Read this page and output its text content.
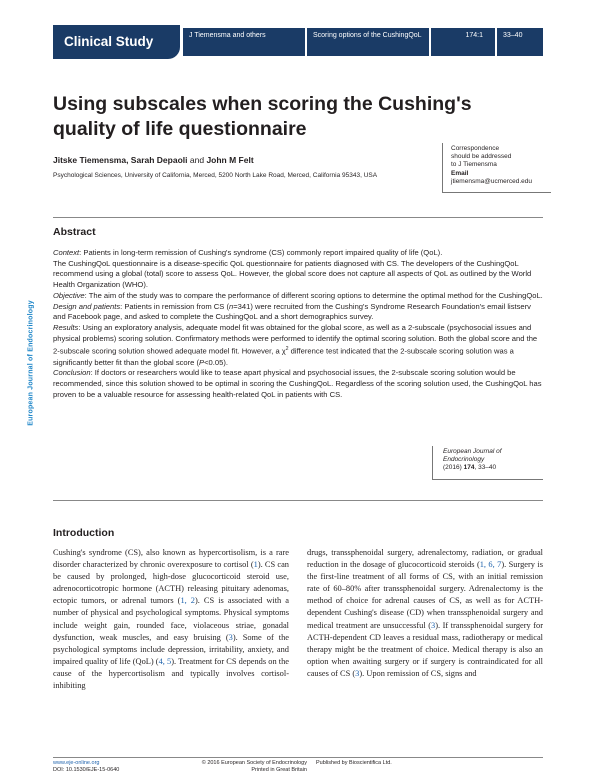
Clinical Study	J Tiemensma and others	Scoring options of the CushingQoL	174:1	33–40
Using subscales when scoring the Cushing's quality of life questionnaire
Jitske Tiemensma, Sarah Depaoli and John M Felt
Psychological Sciences, University of California, Merced, 5200 North Lake Road, Merced, California 95343, USA
Correspondence
should be addressed
to J Tiemensma
Email
jtiemensma@ucmerced.edu
Abstract

Context: Patients in long-term remission of Cushing's syndrome (CS) commonly report impaired quality of life (QoL).

The CushingQoL questionnaire is a disease-specific QoL questionnaire for patients diagnosed with CS. The developers of the CushingQoL recommend using a global (total) score to assess QoL. However, the global score does not capture all aspects of QoL as outlined by the World Health Organization (WHO).

Objective: The aim of the study was to compare the performance of different scoring options to determine the optimal method for the CushingQoL.

Design and patients: Patients in remission from CS (n=341) were recruited from the Cushing's Syndrome Research Foundation's email listserv and Facebook page, and asked to complete the CushingQoL and a short demographics survey.

Results: Using an exploratory analysis, adequate model fit was obtained for the global score, as well as a 2-subscale (psychosocial issues and physical problems) scoring solution. Confirmatory methods were performed to identify the optimal scoring solution. Both the global score and the 2-subscale scoring solution showed adequate model fit. However, a $\chi^2$ difference test indicated that the 2-subscale scoring solution was a significantly better fit than the global score (P<0.05).

Conclusion: If doctors or researchers would like to tease apart physical and psychosocial issues, the 2-subscale scoring solution would be recommended, since this solution showed to be optimal in scoring the CushingQoL. Regardless of the scoring solution used, the CushingQoL has proven to be a valuable resource for assessing health-related QoL in patients with CS.

European Journal of Endocrinology
European Journal of
Endocrinology
(2016) 174, 33–40
Introduction

Cushing's syndrome (CS), also known as hypercortisolism, is a rare disorder characterized by chronic overexposure to cortisol (1). CS can be caused by prolonged, high-dose glucocorticoid steroid use, adrenocorticotropic hormone (ACTH) releasing pituitary adenomas, ectopic tumors, or adrenal tumors (1, 2). CS is associated with a number of physical and psychological symptoms. Physical symptoms include weight gain, rounded face, violaceous striae, gonadal dysfunction, weak muscles, and easy bruising (3). Some of the psychological symptoms include depression, irritability, anxiety, and impaired quality of life (QoL) (4, 5). Treatment for CS depends on the cause of the hypercortisolism and typically involves cortisol-inhibiting

drugs, transsphenoidal surgery, adrenalectomy, radiation, or gradual reduction in the dosage of glucocorticoid steroids (1, 6, 7). Surgery is the first-line treatment of all forms of CS, with an initial remission rate of 60–80% after transsphenoidal surgery. Adrenalectomy is the method of choice for adrenal causes of CS, as well as for ACTH-dependent Cushing's disease (CD) when transsphenoidal surgery and medical treatment are unsuccessful (3). If transsphenoidal surgery for ACTH-dependent CD leaves a residual mass, radiotherapy or medical therapy might be the treatment of choice. Medical therapy is also an option when awaiting surgery or if surgery is contraindicated for all causes of CS (3). Upon remission of CS, signs and

www.eje-online.org
DOI: 10.1530/EJE-15-0640
© 2016 European Society of Endocrinology
Printed in Great Britain
Published by Bioscientifica Ltd.
